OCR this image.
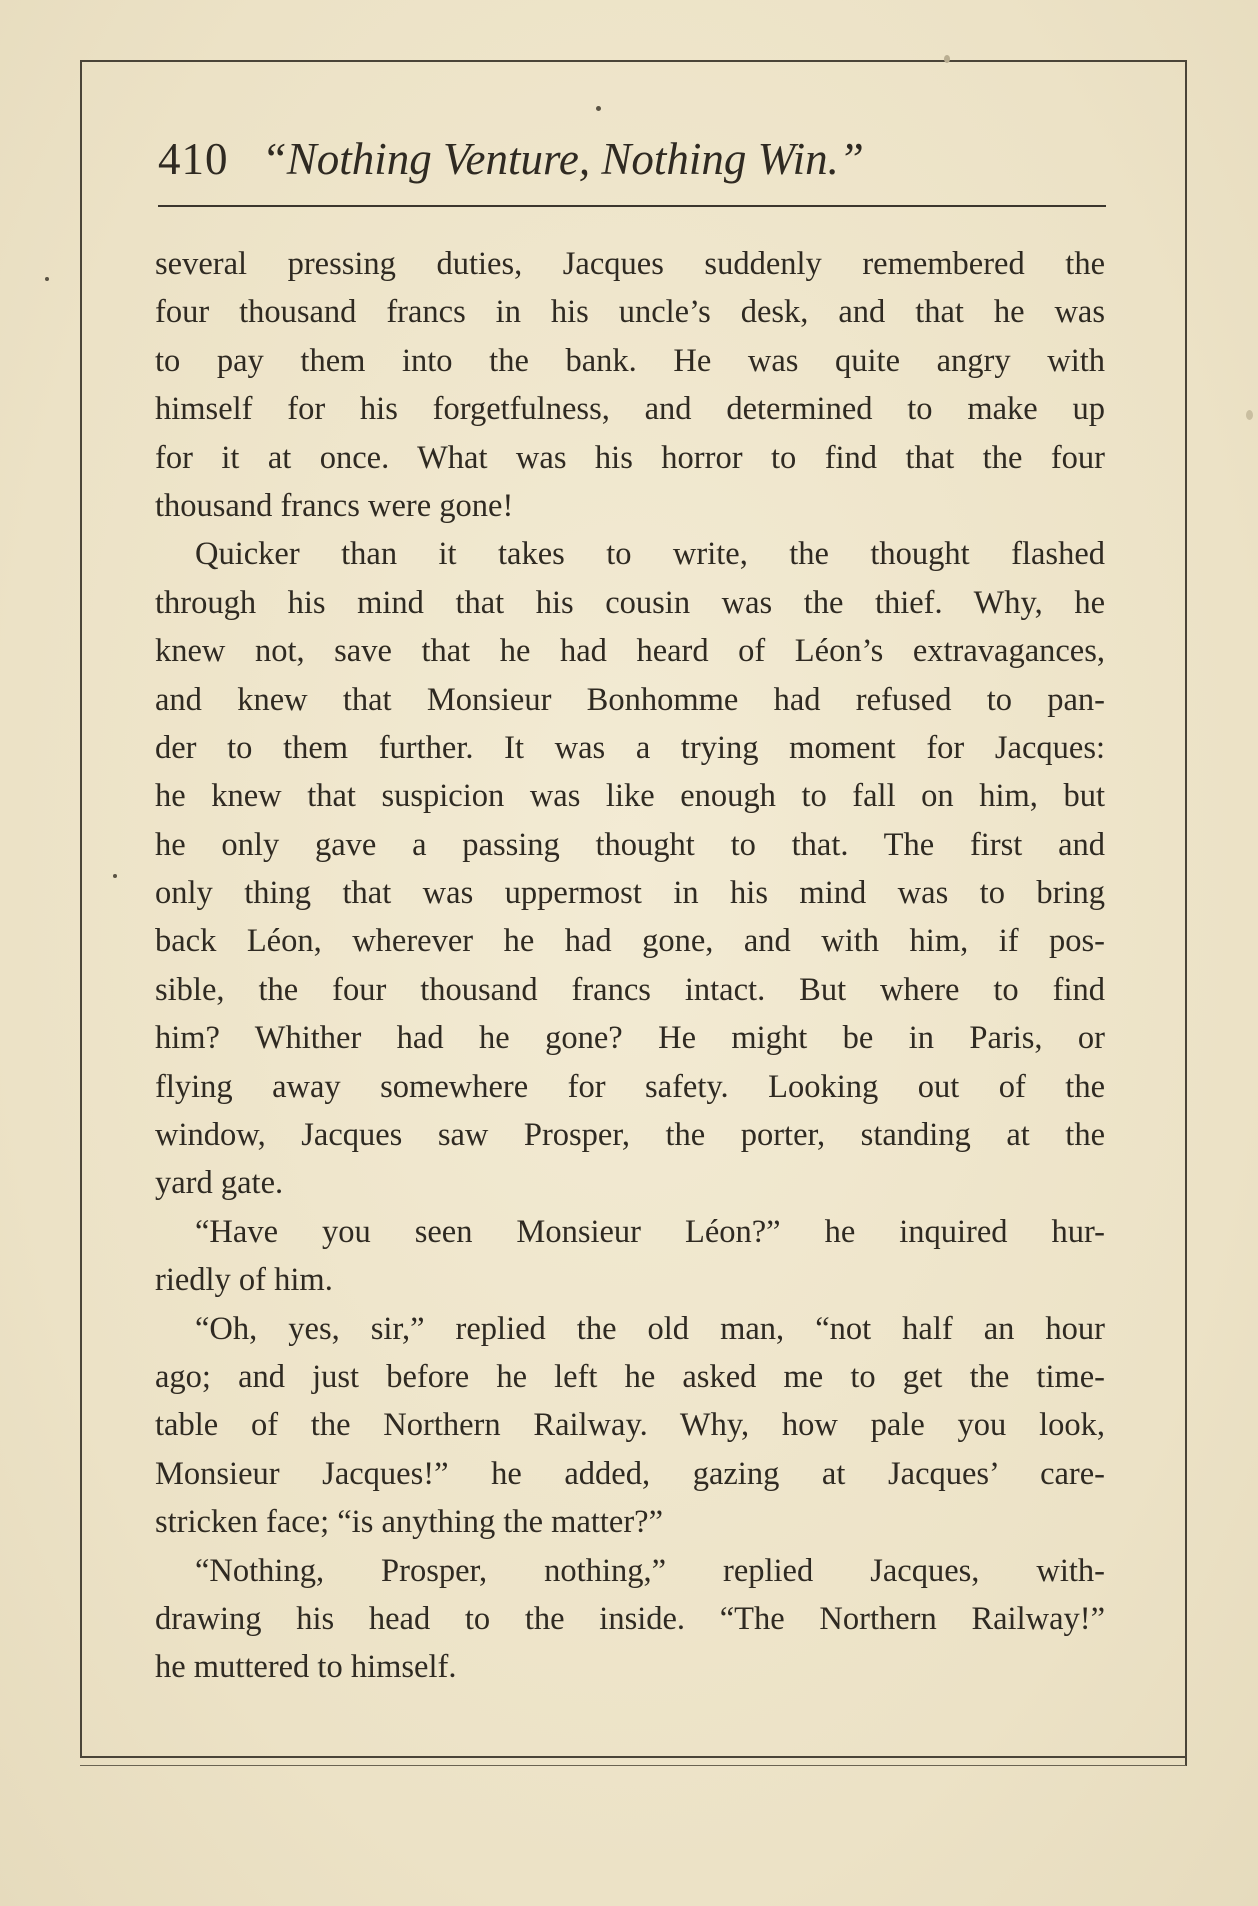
410 “Nothing Venture, Nothing Win.”
several pressing duties, Jacques suddenly remembered the
four thousand francs in his uncle’s desk, and that he was
to pay them into the bank. He was quite angry with
himself for his forgetfulness, and determined to make up
for it at once. What was his horror to find that the four
thousand francs were gone!
Quicker than it takes to write, the thought flashed
through his mind that his cousin was the thief. Why, he
knew not, save that he had heard of Léon’s extravagances,
and knew that Monsieur Bonhomme had refused to pan-
der to them further. It was a trying moment for Jacques:
he knew that suspicion was like enough to fall on him, but
he only gave a passing thought to that. The first and
only thing that was uppermost in his mind was to bring
back Léon, wherever he had gone, and with him, if pos-
sible, the four thousand francs intact. But where to find
him? Whither had he gone? He might be in Paris, or
flying away somewhere for safety. Looking out of the
window, Jacques saw Prosper, the porter, standing at the
yard gate.
“Have you seen Monsieur Léon?” he inquired hur-
riedly of him.
“Oh, yes, sir,” replied the old man, “not half an hour
ago; and just before he left he asked me to get the time-
table of the Northern Railway. Why, how pale you look,
Monsieur Jacques!” he added, gazing at Jacques’ care-
stricken face; “is anything the matter?”
“Nothing, Prosper, nothing,” replied Jacques, with-
drawing his head to the inside. “The Northern Railway!”
he muttered to himself.
